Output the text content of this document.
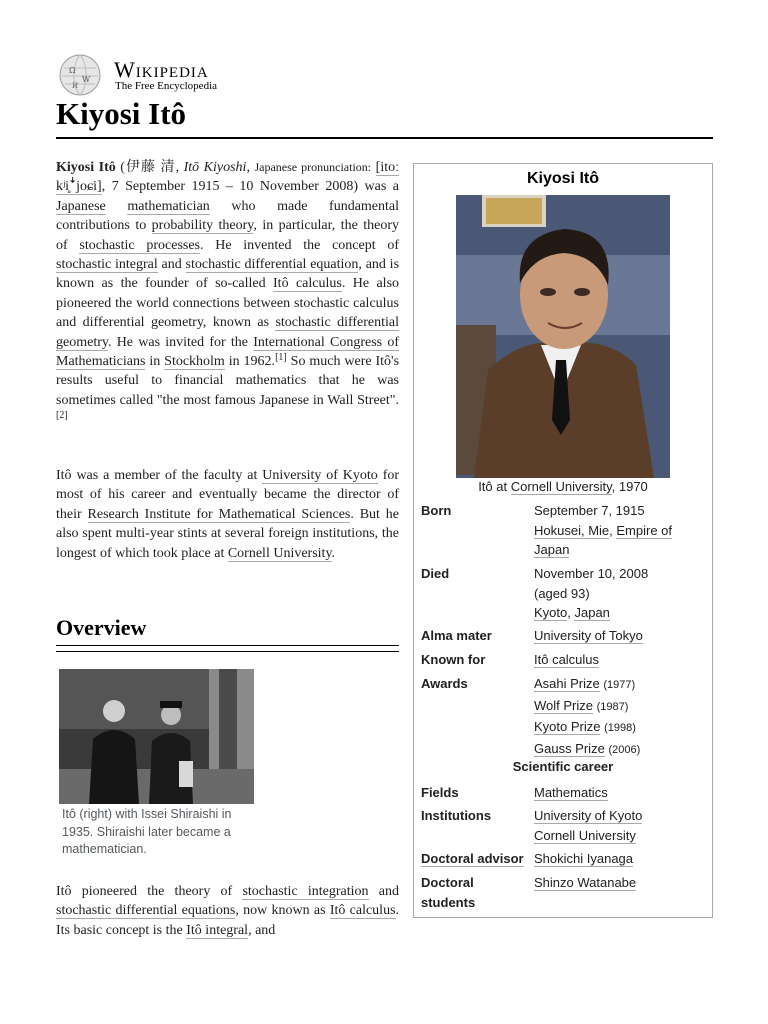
Ω
W
И
Wikipedia
The Free Encyclopedia
Kiyosi Itô

Kiyosi Itô (伊藤 清, Itō Kiyoshi, Japanese pronunciation: [itoː kʲi̥ꜜjoɕi], 7 September 1915 – 10 November 2008) was a Japanese mathematician who made fundamental contributions to probability theory, in particular, the theory of stochastic processes. He invented the concept of stochastic integral and stochastic differential equation, and is known as the founder of so-called Itô calculus. He also pioneered the world connections between stochastic calculus and differential geometry, known as stochastic differential geometry. He was invited for the International Congress of Mathematicians in Stockholm in 1962.[1] So much were Itô's results useful to financial mathematics that he was sometimes called "the most famous Japanese in Wall Street".[2]

Itô was a member of the faculty at University of Kyoto for most of his career and eventually became the director of their Research Institute for Mathematical Sciences. But he also spent multi-year stints at several foreign institutions, the longest of which took place at Cornell University.

Overview
Itô (right) with Issei Shiraishi in 1935. Shiraishi later became a mathematician.

Itô pioneered the theory of stochastic integration and stochastic differential equations, now known as Itô calculus. Its basic concept is the Itô integral, and

Kiyosi Itô
Itô at Cornell University, 1970
Born	September 7, 1915
Hokusei, Mie, Empire of Japan
Died	November 10, 2008
(aged 93)
Kyoto, Japan
Alma mater	University of Tokyo
Known for	Itô calculus
Awards	Asahi Prize (1977)
Wolf Prize (1987)
Kyoto Prize (1998)
Gauss Prize (2006)
Scientific career
Fields	Mathematics
Institutions	University of Kyoto
Cornell University
Doctoral advisor Shokichi Iyanaga
Doctoral students
Shinzo Watanabe
